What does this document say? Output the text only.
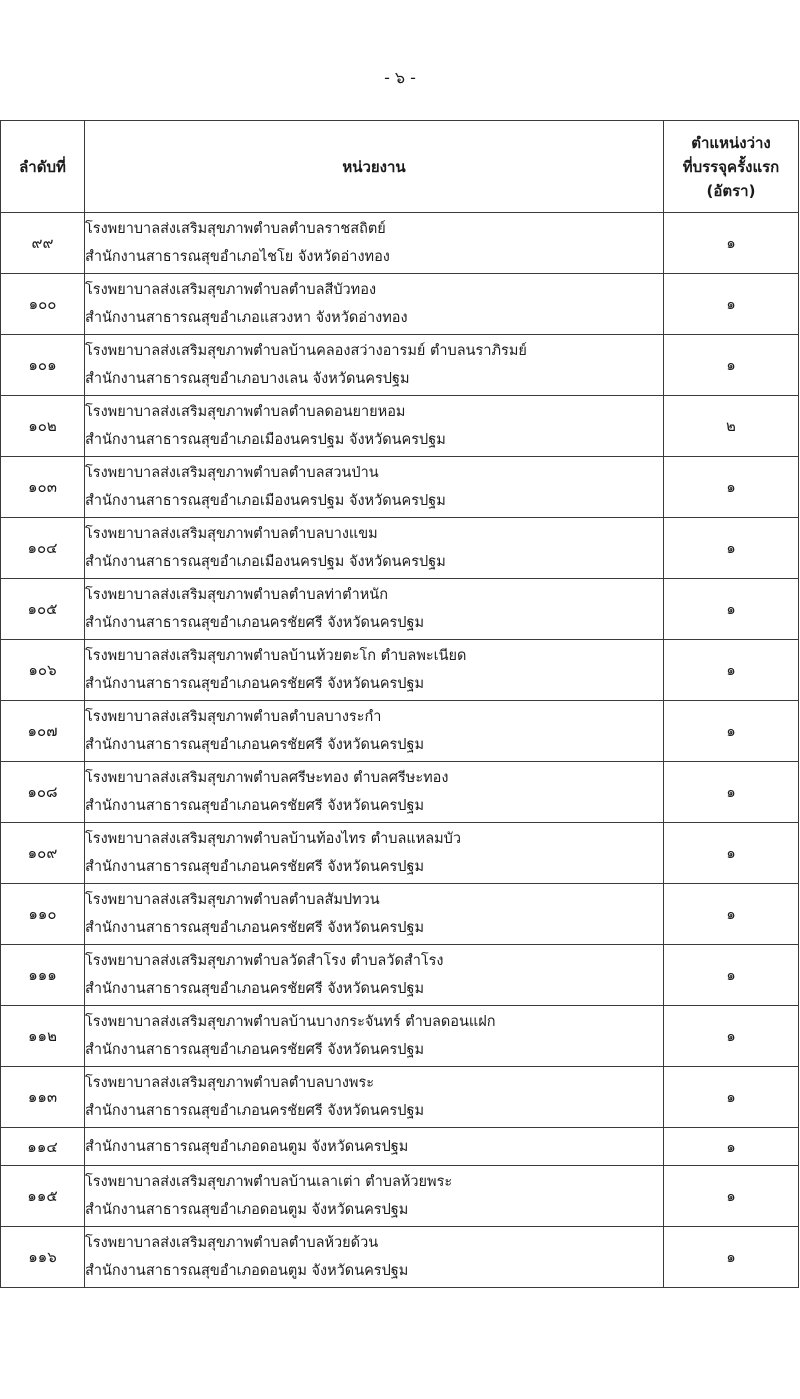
- ๖ -
ลำดับที่	หน่วยงาน	ตำแหน่งว่าง
ที่บรรจุครั้งแรก
(อัตรา)

๙๙	โรงพยาบาลส่งเสริมสุขภาพตำบลตำบลราชสถิตย์
สำนักงานสาธารณสุขอำเภอไชโย จังหวัดอ่างทอง	๑
๑๐๐	โรงพยาบาลส่งเสริมสุขภาพตำบลตำบลสีบัวทอง
สำนักงานสาธารณสุขอำเภอแสวงหา จังหวัดอ่างทอง	๑
๑๐๑	โรงพยาบาลส่งเสริมสุขภาพตำบลบ้านคลองสว่างอารมย์ ตำบลนราภิรมย์
สำนักงานสาธารณสุขอำเภอบางเลน จังหวัดนครปฐม	๑
๑๐๒	โรงพยาบาลส่งเสริมสุขภาพตำบลตำบลดอนยายหอม
สำนักงานสาธารณสุขอำเภอเมืองนครปฐม จังหวัดนครปฐม	๒
๑๐๓	โรงพยาบาลส่งเสริมสุขภาพตำบลตำบลสวนป่าน
สำนักงานสาธารณสุขอำเภอเมืองนครปฐม จังหวัดนครปฐม	๑
๑๐๔	โรงพยาบาลส่งเสริมสุขภาพตำบลตำบลบางแขม
สำนักงานสาธารณสุขอำเภอเมืองนครปฐม จังหวัดนครปฐม	๑
๑๐๕	โรงพยาบาลส่งเสริมสุขภาพตำบลตำบลท่าตำหนัก
สำนักงานสาธารณสุขอำเภอนครชัยศรี จังหวัดนครปฐม	๑
๑๐๖	โรงพยาบาลส่งเสริมสุขภาพตำบลบ้านห้วยตะโก ตำบลพะเนียด
สำนักงานสาธารณสุขอำเภอนครชัยศรี จังหวัดนครปฐม	๑
๑๐๗	โรงพยาบาลส่งเสริมสุขภาพตำบลตำบลบางระกำ
สำนักงานสาธารณสุขอำเภอนครชัยศรี จังหวัดนครปฐม	๑
๑๐๘	โรงพยาบาลส่งเสริมสุขภาพตำบลศรีษะทอง ตำบลศรีษะทอง
สำนักงานสาธารณสุขอำเภอนครชัยศรี จังหวัดนครปฐม	๑
๑๐๙	โรงพยาบาลส่งเสริมสุขภาพตำบลบ้านท้องไทร ตำบลแหลมบัว
สำนักงานสาธารณสุขอำเภอนครชัยศรี จังหวัดนครปฐม	๑
๑๑๐	โรงพยาบาลส่งเสริมสุขภาพตำบลตำบลสัมปทวน
สำนักงานสาธารณสุขอำเภอนครชัยศรี จังหวัดนครปฐม	๑
๑๑๑	โรงพยาบาลส่งเสริมสุขภาพตำบลวัดสำโรง ตำบลวัดสำโรง
สำนักงานสาธารณสุขอำเภอนครชัยศรี จังหวัดนครปฐม	๑
๑๑๒	โรงพยาบาลส่งเสริมสุขภาพตำบลบ้านบางกระจันทร์ ตำบลดอนแฝก
สำนักงานสาธารณสุขอำเภอนครชัยศรี จังหวัดนครปฐม	๑
๑๑๓	โรงพยาบาลส่งเสริมสุขภาพตำบลตำบลบางพระ
สำนักงานสาธารณสุขอำเภอนครชัยศรี จังหวัดนครปฐม	๑
๑๑๔	สำนักงานสาธารณสุขอำเภอดอนตูม จังหวัดนครปฐม	๑
๑๑๕	โรงพยาบาลส่งเสริมสุขภาพตำบลบ้านเลาเต่า ตำบลห้วยพระ
สำนักงานสาธารณสุขอำเภอดอนตูม จังหวัดนครปฐม	๑
๑๑๖	โรงพยาบาลส่งเสริมสุขภาพตำบลตำบลห้วยด้วน
สำนักงานสาธารณสุขอำเภอดอนตูม จังหวัดนครปฐม	๑
